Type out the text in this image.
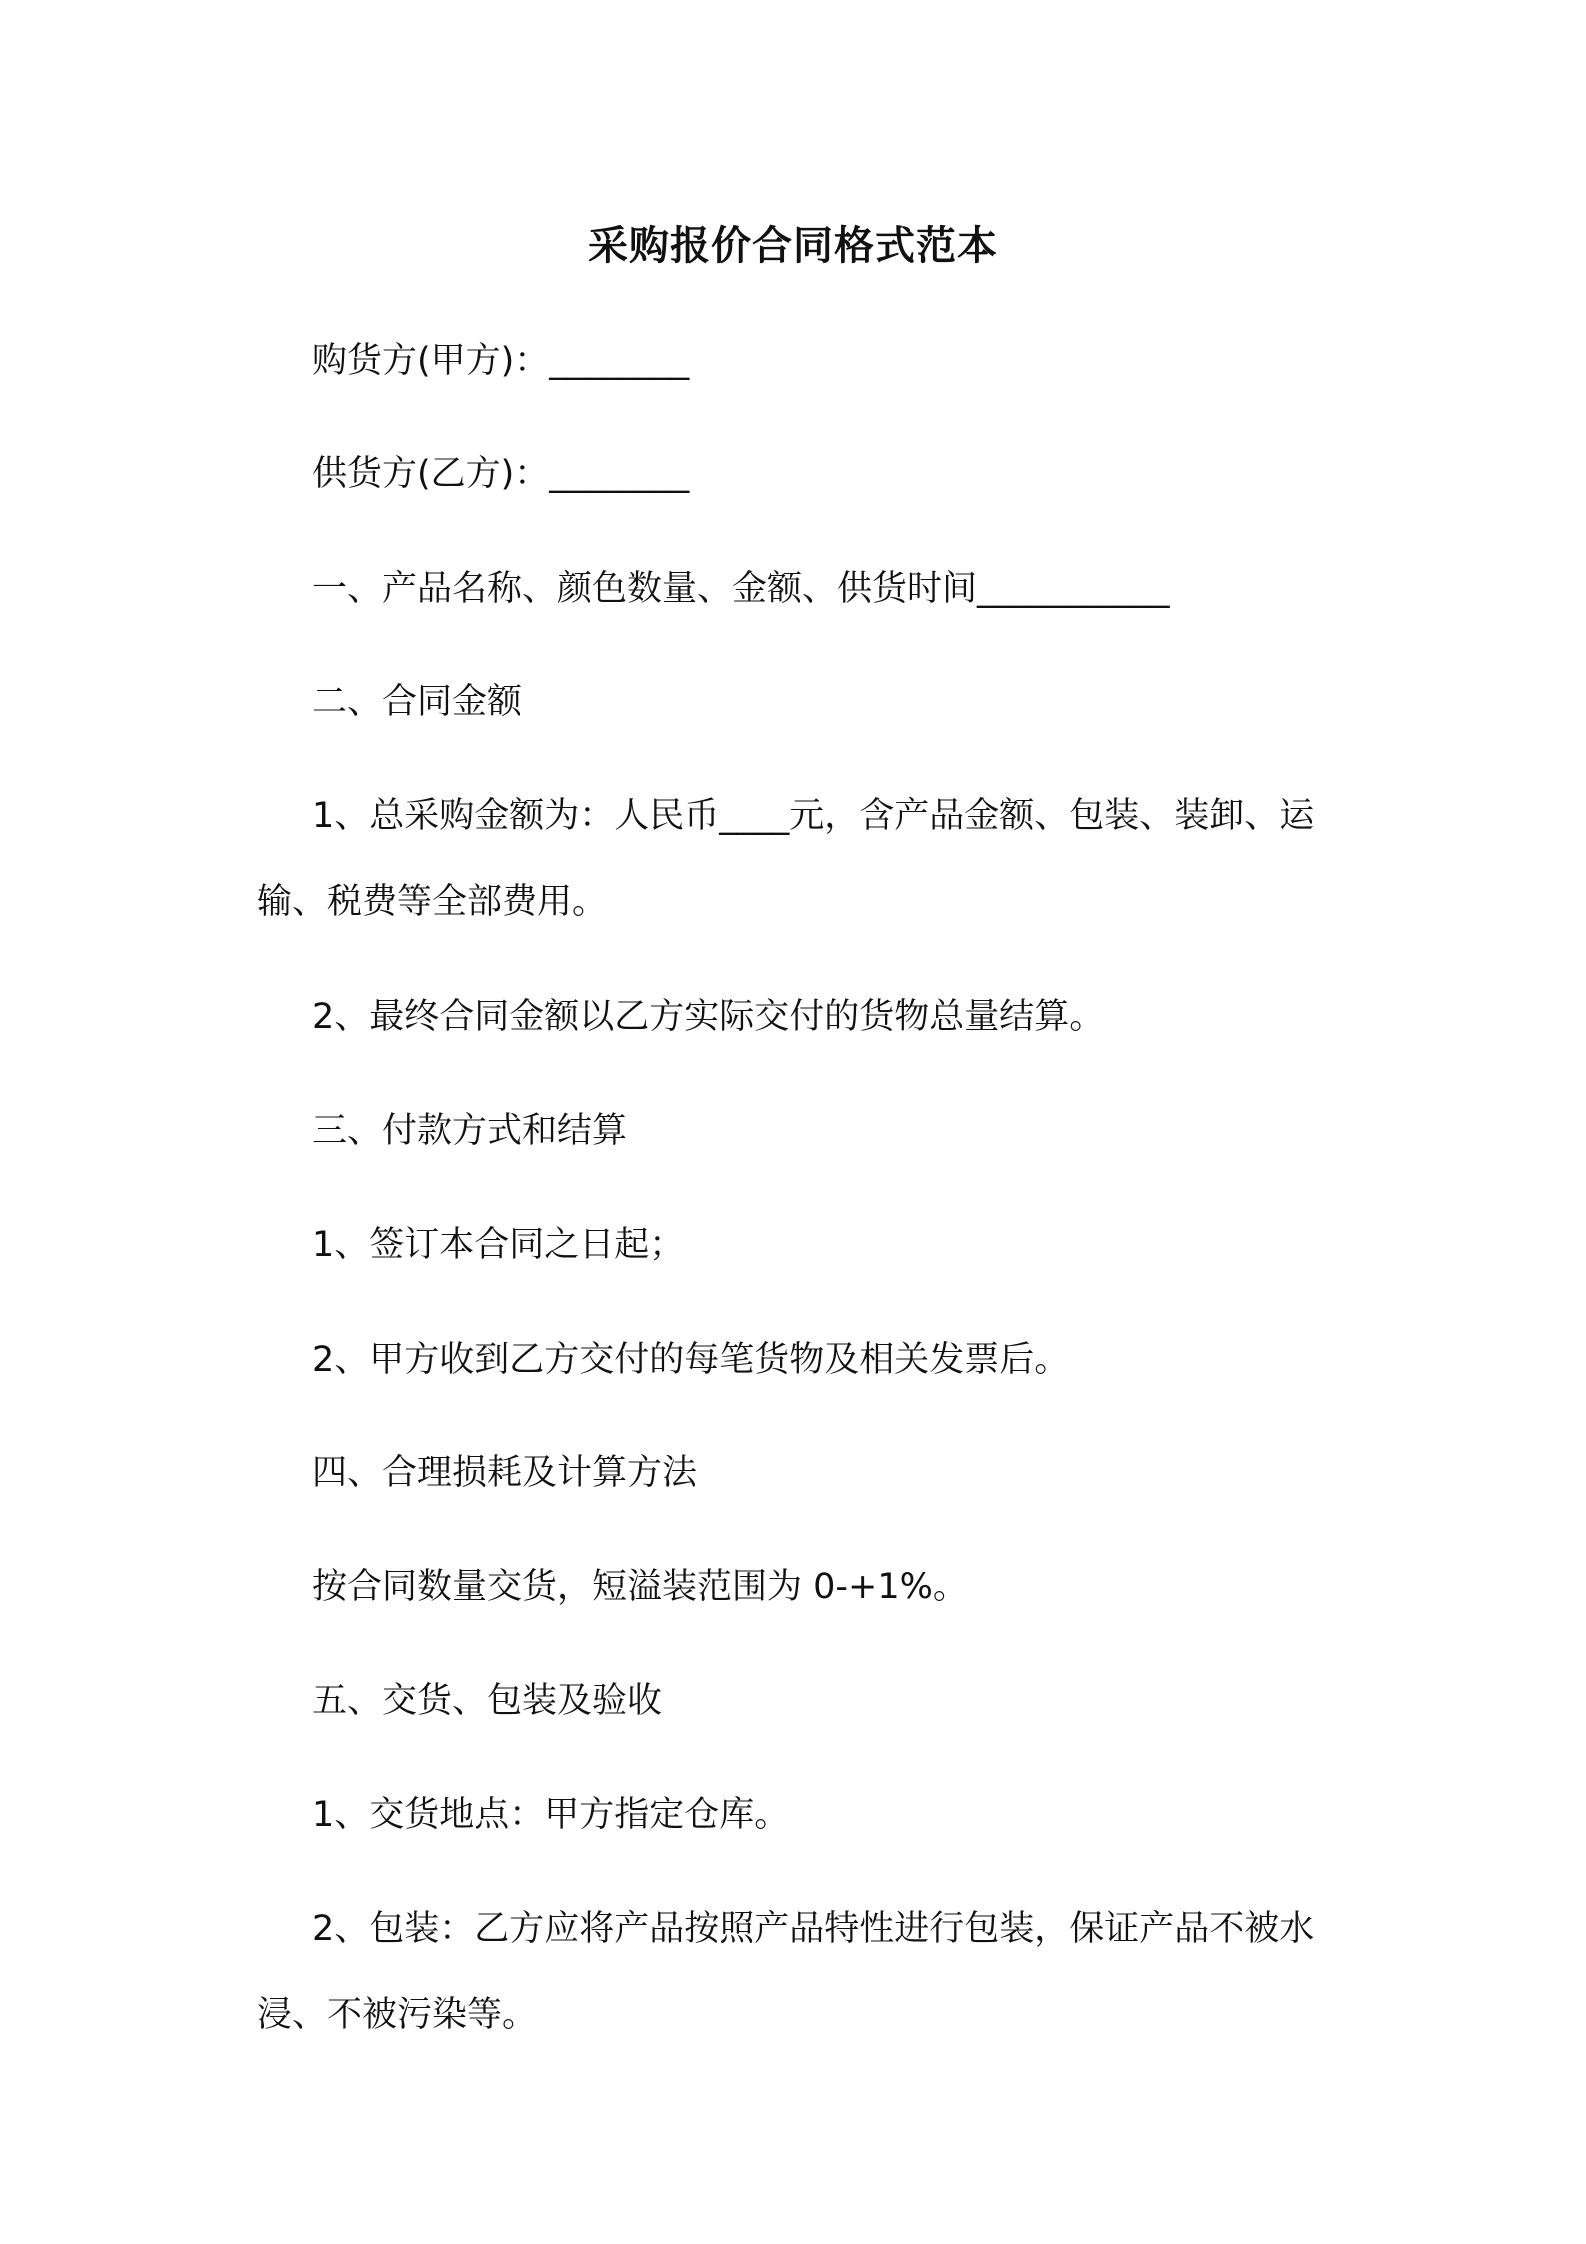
采购报价合同格式范本
购货方(甲方)：________
供货方(乙方)：________
一、产品名称、颜色数量、金额、供货时间___________
二、合同金额
1、总采购金额为：人民币____元，含产品金额、包装、装卸、运
输、税费等全部费用。
2、最终合同金额以乙方实际交付的货物总量结算。
三、付款方式和结算
1、签订本合同之日起；
2、甲方收到乙方交付的每笔货物及相关发票后。
四、合理损耗及计算方法
按合同数量交货，短溢装范围为 0-+1%。
五、交货、包装及验收
1、交货地点：甲方指定仓库。
2、包装：乙方应将产品按照产品特性进行包装，保证产品不被水
浸、不被污染等。
